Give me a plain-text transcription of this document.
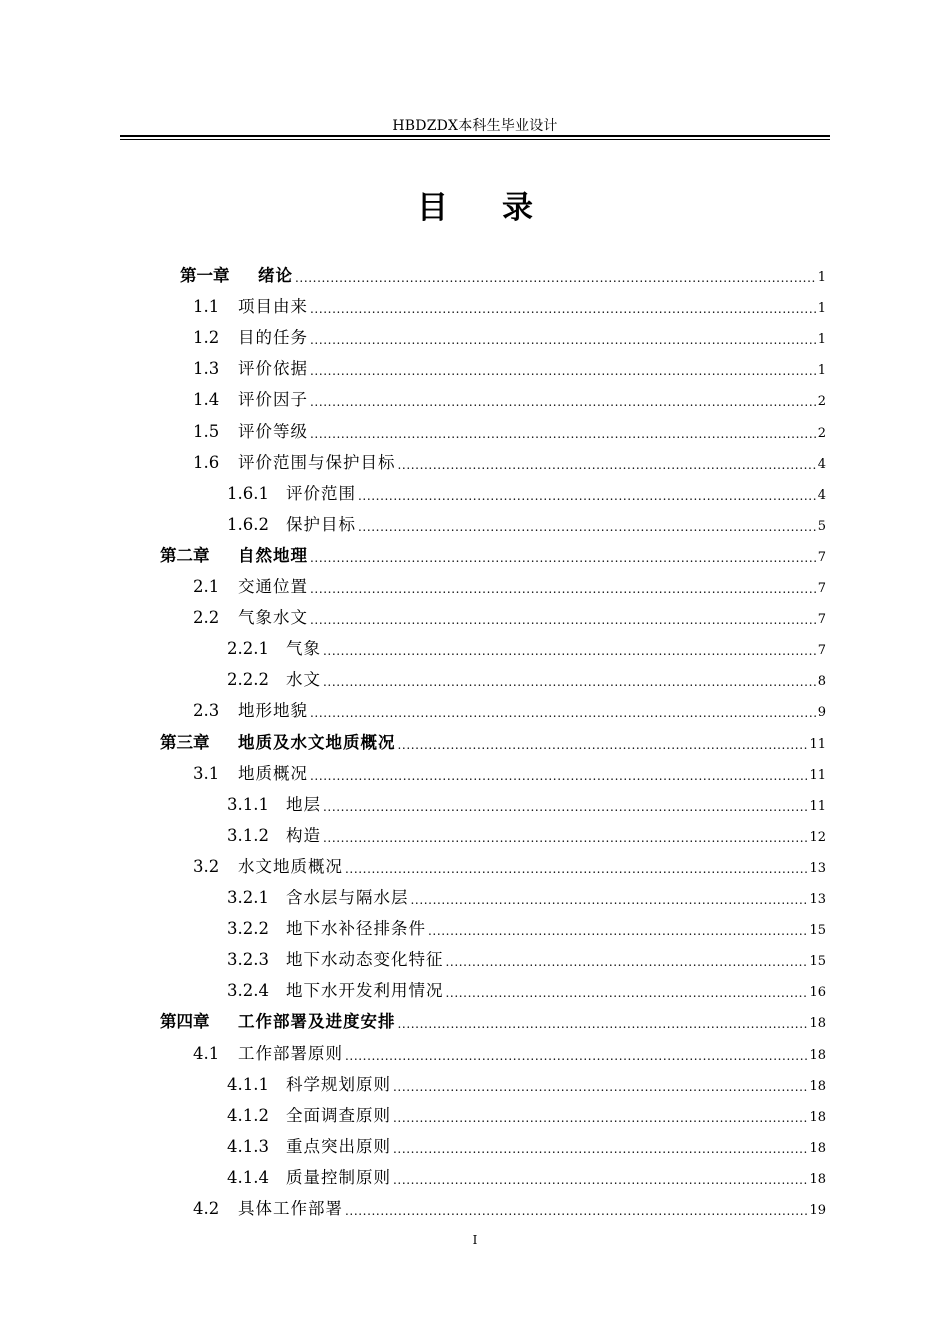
HBDZDX本科生毕业设计
目 录
第一章	绪论 .....	1
1.1	项目由来 .....	1
1.2	目的任务 .....	1
1.3	评价依据 .....	1
1.4	评价因子 .....	2
1.5	评价等级 .....	2
1.6	评价范围与保护目标 .....	4
1.6.1	评价范围 .....	4
1.6.2	保护目标 .....	5
第二章	自然地理 .....	7
2.1	交通位置 .....	7
2.2	气象水文 .....	7
2.2.1	气象 .....	7
2.2.2	水文 .....	8
2.3	地形地貌 .....	9
第三章	地质及水文地质概况 .....	11
3.1	地质概况 .....	11
3.1.1	地层 .....	11
3.1.2	构造 .....	12
3.2	水文地质概况 .....	13
3.2.1	含水层与隔水层 .....	13
3.2.2	地下水补径排条件 .....	15
3.2.3	地下水动态变化特征 .....	15
3.2.4	地下水开发利用情况 .....	16
第四章	工作部署及进度安排 .....	18
4.1	工作部署原则 .....	18
4.1.1	科学规划原则 .....	18
4.1.2	全面调查原则 .....	18
4.1.3	重点突出原则 .....	18
4.1.4	质量控制原则 .....	18
4.2	具体工作部署 .....	19
I
